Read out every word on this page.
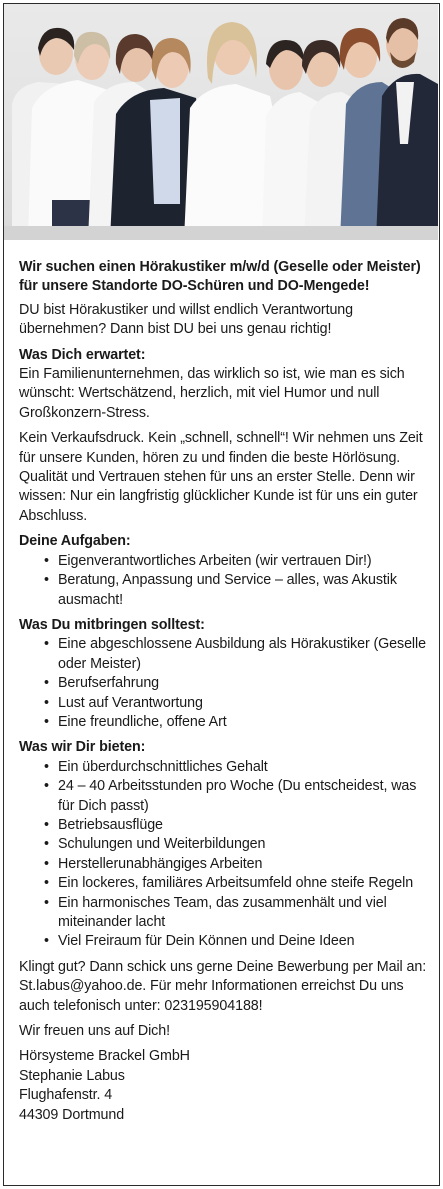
Wir suchen einen Hörakustiker m/w/d (Geselle oder Meister) für unsere Standorte DO-Schüren und DO-Mengede!
DU bist Hörakustiker und willst endlich Verantwortung übernehmen? Dann bist DU bei uns genau richtig!
Was Dich erwartet:
Ein Familienunternehmen, das wirklich so ist, wie man es sich wünscht: Wertschätzend, herzlich, mit viel Humor und null Großkonzern-Stress.
Kein Verkaufsdruck. Kein „schnell, schnell“! Wir nehmen uns Zeit für unsere Kunden, hören zu und finden die beste Hörlösung. Qualität und Vertrauen stehen für uns an erster Stelle. Denn wir wissen: Nur ein langfristig glücklicher Kunde ist für uns ein guter Abschluss.
Deine Aufgaben:
• Eigenverantwortliches Arbeiten (wir vertrauen Dir!)
• Beratung, Anpassung und Service – alles, was Akustik ausmacht!
Was Du mitbringen solltest:
• Eine abgeschlossene Ausbildung als Hörakustiker (Geselle oder Meister)
• Berufserfahrung
• Lust auf Verantwortung
• Eine freundliche, offene Art
Was wir Dir bieten:
• Ein überdurchschnittliches Gehalt
• 24 – 40 Arbeitsstunden pro Woche (Du entscheidest, was für Dich passt)
• Betriebsausflüge
• Schulungen und Weiterbildungen
• Herstellerunabhängiges Arbeiten
• Ein lockeres, familiäres Arbeitsumfeld ohne steife Regeln
• Ein harmonisches Team, das zusammenhält und viel miteinander lacht
• Viel Freiraum für Dein Können und Deine Ideen
Klingt gut? Dann schick uns gerne Deine Bewerbung per Mail an: St.labus@yahoo.de. Für mehr Informationen erreichst Du uns auch telefonisch unter: 023195904188!
Wir freuen uns auf Dich!
Hörsysteme Brackel GmbH
Stephanie Labus
Flughafenstr. 4
44309 Dortmund
